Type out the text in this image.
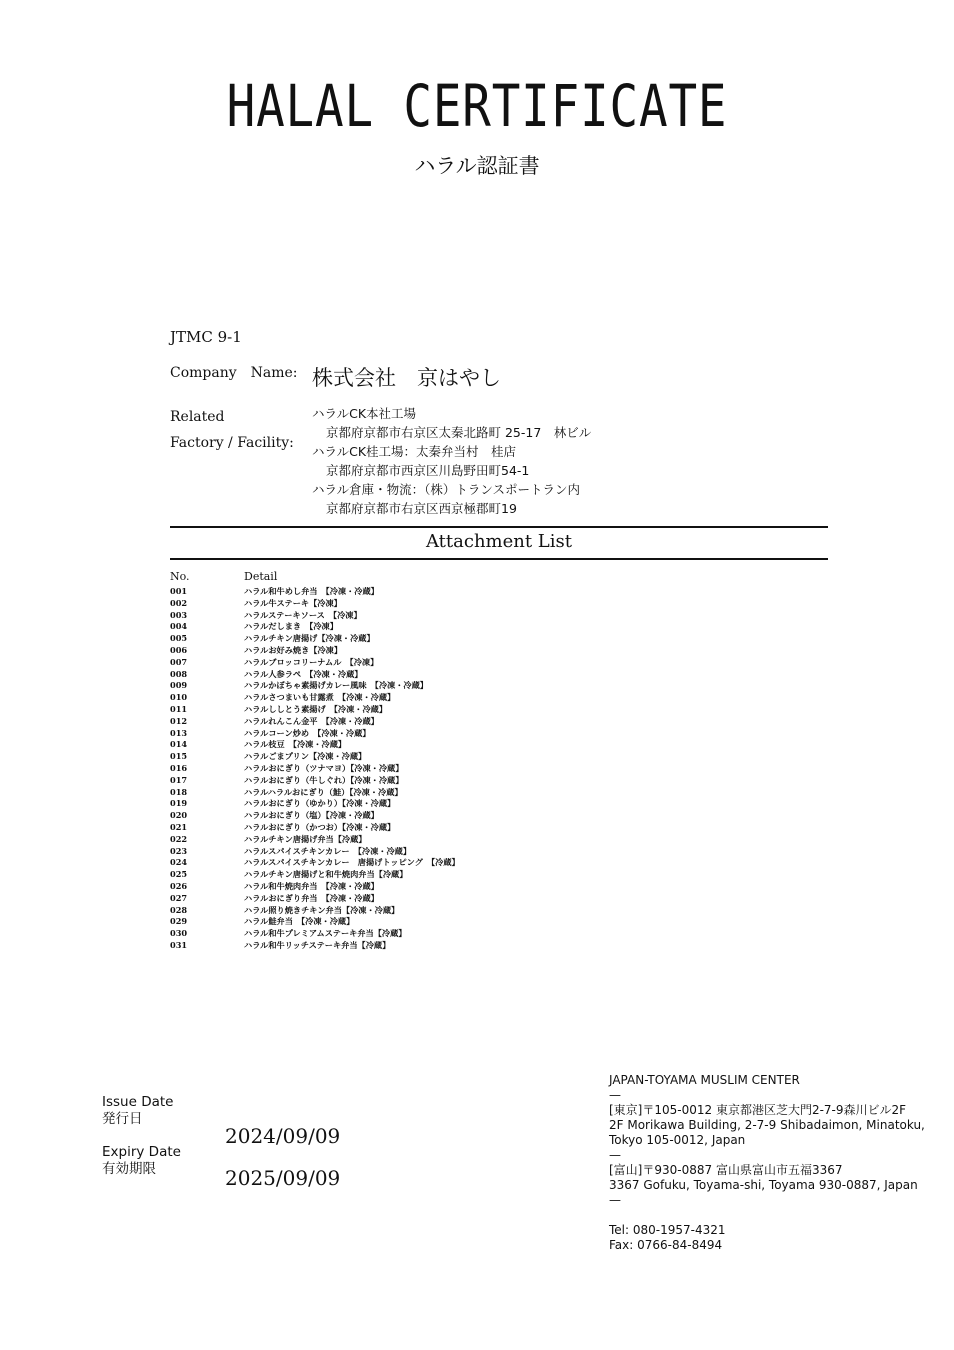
HALAL CERTIFICATE
ハラル認証書
JTMC 9-1
Company　Name: 株式会社　京はやし
Related
Factory / Facility:
ハラルCK本社工場
京都府京都市右京区太秦北路町 25-17　林ビル
ハラルCK桂工場：太秦弁当村　桂店
京都府京都市西京区川島野田町54-1
ハラル倉庫・物流：（株）トランスポートラン内
京都府京都市右京区西京極郡町19
Attachment List
No.	Detail
001	ハラル和牛めし弁当　【冷凍・冷蔵】
002	ハラル牛ステーキ【冷凍】
003	ハラルステーキソース　【冷凍】
004	ハラルだしまき　【冷凍】
005	ハラルチキン唐揚げ【冷凍・冷蔵】
006	ハラルお好み焼き【冷凍】
007	ハラルブロッコリーナムル　【冷凍】
008	ハラル人参ラペ　【冷凍・冷蔵】
009	ハラルかぼちゃ素揚げカレー風味　【冷凍・冷蔵】
010	ハラルさつまいも甘露煮　【冷凍・冷蔵】
011	ハラルししとう素揚げ　【冷凍・冷蔵】
012	ハラルれんこん金平　【冷凍・冷蔵】
013	ハラルコーン炒め　【冷凍・冷蔵】
014	ハラル枝豆　【冷凍・冷蔵】
015	ハラルごまプリン【冷凍・冷蔵】
016	ハラルおにぎり（ツナマヨ）【冷凍・冷蔵】
017	ハラルおにぎり（牛しぐれ）【冷凍・冷蔵】
018	ハラルハラルおにぎり（鮭）【冷凍・冷蔵】
019	ハラルおにぎり（ゆかり）【冷凍・冷蔵】
020	ハラルおにぎり（塩）【冷凍・冷蔵】
021	ハラルおにぎり（かつお）【冷凍・冷蔵】
022	ハラルチキン唐揚げ弁当【冷蔵】
023	ハラルスパイスチキンカレー　【冷凍・冷蔵】
024	ハラルスパイスチキンカレー　唐揚げトッピング　【冷蔵】
025	ハラルチキン唐揚げと和牛焼肉弁当【冷蔵】
026	ハラル和牛焼肉弁当　【冷凍・冷蔵】
027	ハラルおにぎり弁当　【冷凍・冷蔵】
028	ハラル照り焼きチキン弁当【冷凍・冷蔵】
029	ハラル鮭弁当　【冷凍・冷蔵】
030	ハラル和牛プレミアムステーキ弁当【冷蔵】
031	ハラル和牛リッチステーキ弁当【冷蔵】
Issue Date
発行日
2024/09/09
Expiry Date
有効期限	2025/09/09
JAPAN-TOYAMA MUSLIM CENTER
—
[東京]〒105-0012 東京都港区芝大門2-7-9森川ビル2F
2F Morikawa Building, 2-7-9 Shibadaimon, Minatoku,
Tokyo 105-0012, Japan
—
[富山]〒930-0887 富山県富山市五福3367
3367 Gofuku, Toyama-shi, Toyama 930-0887, Japan
—
Tel: 080-1957-4321
Fax: 0766-84-8494
